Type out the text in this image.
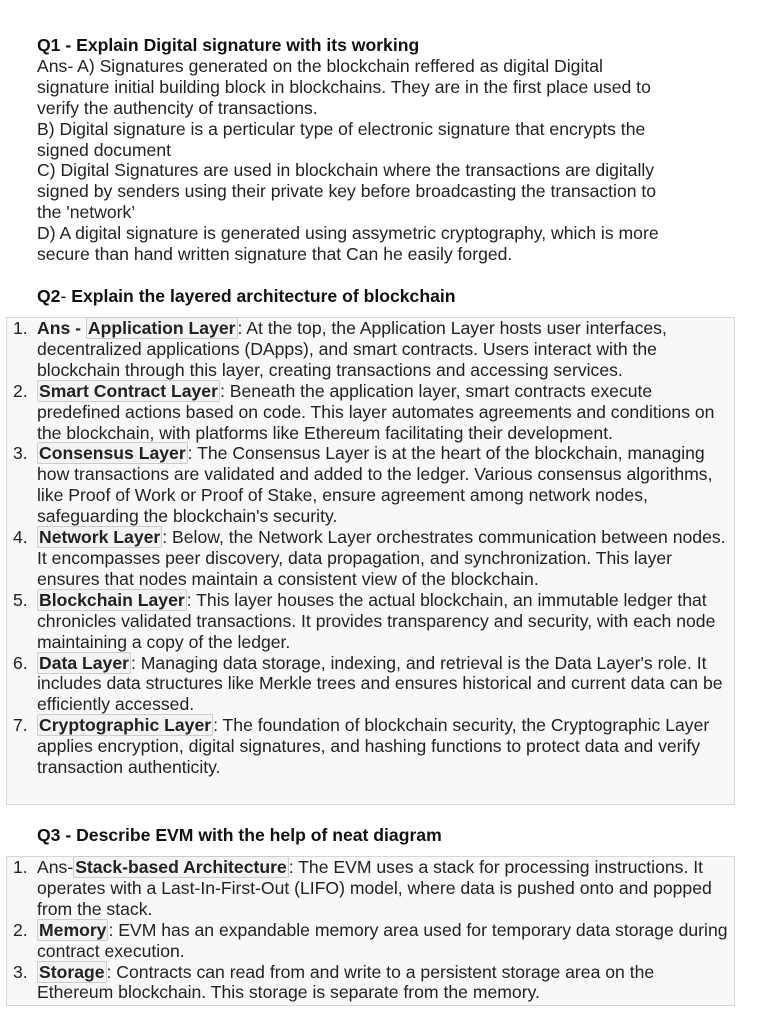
Q1 - Explain Digital signature with its working

Ans- A) Signatures generated on the blockchain reffered as digital Digital

signature initial building block in blockchains. They are in the first place used to

verify the authencity of transactions.

B) Digital signature is a perticular type of electronic signature that encrypts the

signed document

C) Digital Signatures are used in blockchain where the transactions are digitally

signed by senders using their private key before broadcasting the transaction to

the 'network’

D) A digital signature is generated using assymetric cryptography, which is more

secure than hand written signature that Can he easily forged.

Q2- Explain the layered architecture of blockchain
1. Ans - Application Layer : At the top, the Application Layer hosts user interfaces, decentralized applications (DApps), and smart contracts. Users interact with the blockchain through this layer, creating transactions and accessing services.
2. Smart Contract Layer : Beneath the application layer, smart contracts execute predefined actions based on code. This layer automates agreements and conditions on the blockchain, with platforms like Ethereum facilitating their development.
3. Consensus Layer : The Consensus Layer is at the heart of the blockchain, managing how transactions are validated and added to the ledger. Various consensus algorithms, like Proof of Work or Proof of Stake, ensure agreement among network nodes, safeguarding the blockchain's security.
4. Network Layer : Below, the Network Layer orchestrates communication between nodes. It encompasses peer discovery, data propagation, and synchronization. This layer ensures that nodes maintain a consistent view of the blockchain.
5. Blockchain Layer : This layer houses the actual blockchain, an immutable ledger that chronicles validated transactions. It provides transparency and security, with each node maintaining a copy of the ledger.
6. Data Layer : Managing data storage, indexing, and retrieval is the Data Layer's role. It includes data structures like Merkle trees and ensures historical and current data can be efficiently accessed.
7. Cryptographic Layer : The foundation of blockchain security, the Cryptographic Layer applies encryption, digital signatures, and hashing functions to protect data and verify transaction authenticity.
Q3 - Describe EVM with the help of neat diagram
1. Ans- Stack-based Architecture : The EVM uses a stack for processing instructions. It operates with a Last-In-First-Out (LIFO) model, where data is pushed onto and popped from the stack.
2. Memory : EVM has an expandable memory area used for temporary data storage during contract execution.
3. Storage : Contracts can read from and write to a persistent storage area on the Ethereum blockchain. This storage is separate from the memory.
